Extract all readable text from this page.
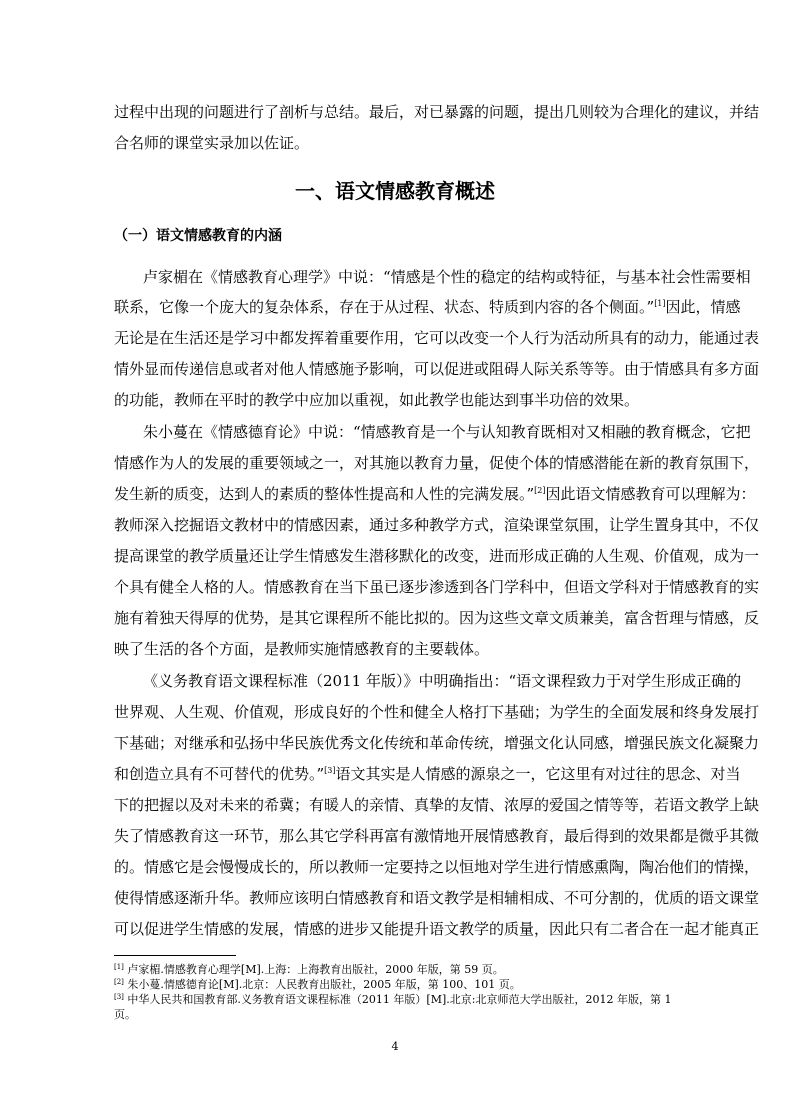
过程中出现的问题进行了剖析与总结。最后，对已暴露的问题，提出几则较为合理化的建议，并结
合名师的课堂实录加以佐证。
一、语文情感教育概述
（一）语文情感教育的内涵
卢家楣在《情感教育心理学》中说：“情感是个性的稳定的结构或特征，与基本社会性需要相
联系，它像一个庞大的复杂体系，存在于从过程、状态、特质到内容的各个侧面。”[1]因此，情感
无论是在生活还是学习中都发挥着重要作用，它可以改变一个人行为活动所具有的动力，能通过表
情外显而传递信息或者对他人情感施予影响，可以促进或阻碍人际关系等等。由于情感具有多方面
的功能，教师在平时的教学中应加以重视，如此教学也能达到事半功倍的效果。
朱小蔓在《情感德育论》中说：“情感教育是一个与认知教育既相对又相融的教育概念，它把
情感作为人的发展的重要领域之一，对其施以教育力量，促使个体的情感潜能在新的教育氛围下，
发生新的质变，达到人的素质的整体性提高和人性的完满发展。”[2]因此语文情感教育可以理解为：
教师深入挖掘语文教材中的情感因素，通过多种教学方式，渲染课堂氛围，让学生置身其中，不仅
提高课堂的教学质量还让学生情感发生潜移默化的改变，进而形成正确的人生观、价值观，成为一
个具有健全人格的人。情感教育在当下虽已逐步渗透到各门学科中，但语文学科对于情感教育的实
施有着独天得厚的优势，是其它课程所不能比拟的。因为这些文章文质兼美，富含哲理与情感，反
映了生活的各个方面，是教师实施情感教育的主要载体。
《义务教育语文课程标准（2011 年版）》中明确指出：“语文课程致力于对学生形成正确的
世界观、人生观、价值观，形成良好的个性和健全人格打下基础；为学生的全面发展和终身发展打
下基础；对继承和弘扬中华民族优秀文化传统和革命传统，增强文化认同感，增强民族文化凝聚力
和创造立具有不可替代的优势。”[3]语文其实是人情感的源泉之一，它这里有对过往的思念、对当
下的把握以及对未来的希冀；有暖人的亲情、真挚的友情、浓厚的爱国之情等等，若语文教学上缺
失了情感教育这一环节，那么其它学科再富有激情地开展情感教育，最后得到的效果都是微乎其微
的。情感它是会慢慢成长的，所以教师一定要持之以恒地对学生进行情感熏陶，陶冶他们的情操，
使得情感逐渐升华。教师应该明白情感教育和语文教学是相辅相成、不可分割的，优质的语文课堂
可以促进学生情感的发展，情感的进步又能提升语文教学的质量，因此只有二者合在一起才能真正
[1] 卢家楣.情感教育心理学[M].上海：上海教育出版社，2000 年版，第 59 页。
[2] 朱小蔓.情感德育论[M].北京：人民教育出版社，2005 年版，第 100、101 页。
[3] 中华人民共和国教育部.义务教育语文课程标准（2011 年版）[M].北京:北京师范大学出版社，2012 年版，第 1
页。
4
